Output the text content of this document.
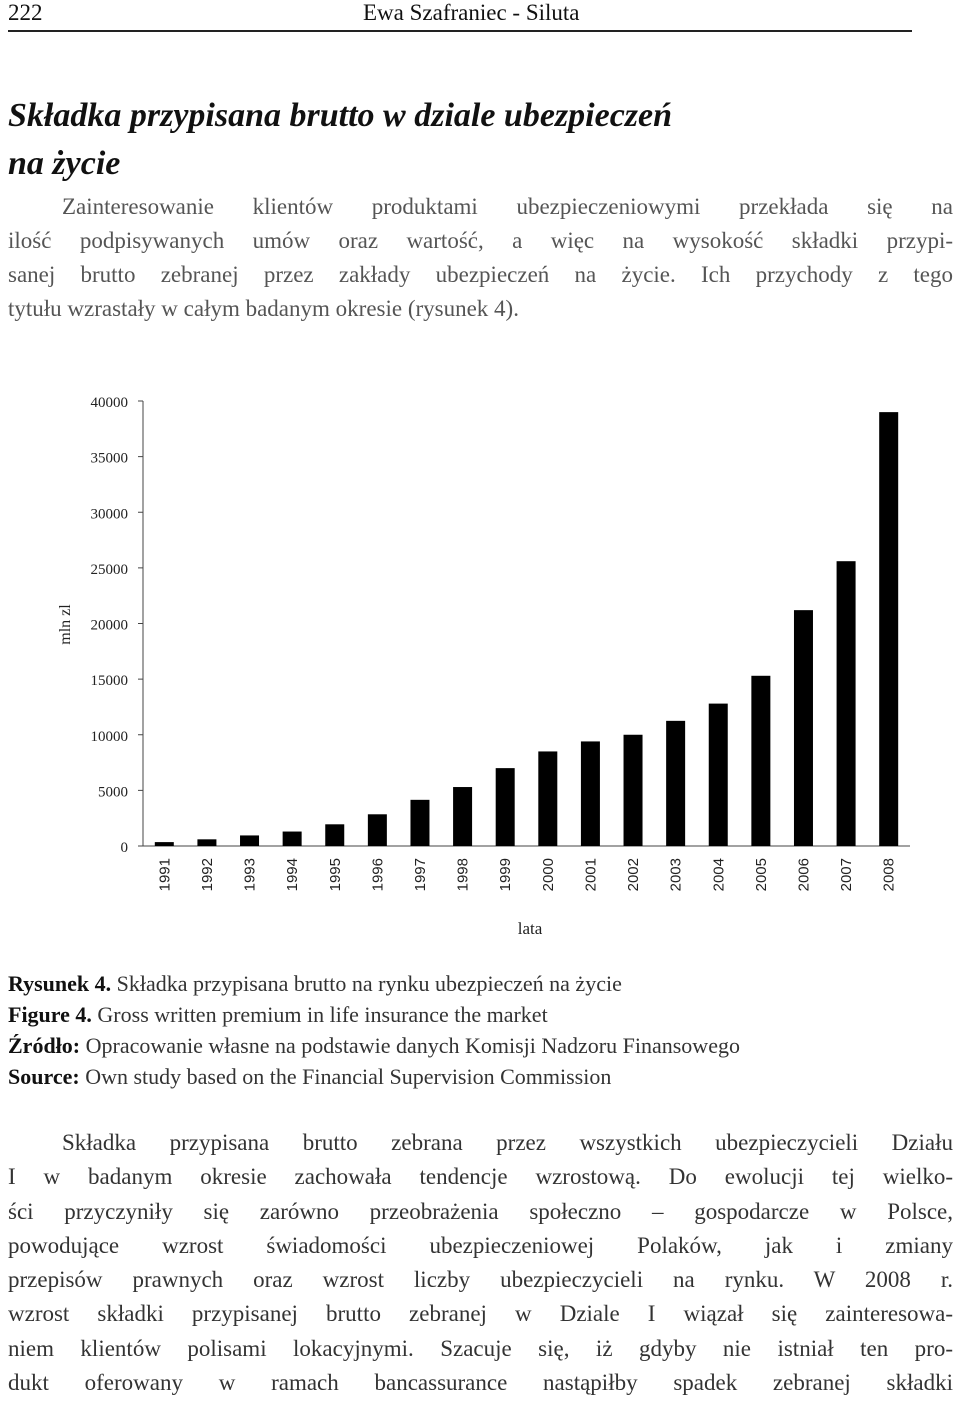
222	Ewa Szafraniec - Siluta
Składka przypisana brutto w dziale ubezpieczeń
na życie

Zainteresowanie klientów produktami ubezpieczeniowymi przekłada się na
ilość podpisywanych umów oraz wartość, a więc na wysokość składki przypi-
sanej brutto zebranej przez zakłady ubezpieczeń na życie. Ich przychody z tego
tytułu wzrastały w całym badanym okresie (rysunek 4).

0
5000
10000
15000
20000
25000
30000
35000
40000
mln zl
1991 1992 1993 1994 1995 1996 1997 1998 1999 2000 2001 2002 2003 2004 2005 2006 2007 2008
lata
Rysunek 4. Składka przypisana brutto na rynku ubezpieczeń na życie
Figure 4. Gross written premium in life insurance the market
Źródło: Opracowanie własne na podstawie danych Komisji Nadzoru Finansowego
Source: Own study based on the Financial Supervision Commission
Składka przypisana brutto zebrana przez wszystkich ubezpieczycieli Działu
I w badanym okresie zachowała tendencje wzrostową. Do ewolucji tej wielko-
ści przyczyniły się zarówno przeobrażenia społeczno – gospodarcze w Polsce,
powodujące wzrost świadomości ubezpieczeniowej Polaków, jak i zmiany
przepisów prawnych oraz wzrost liczby ubezpieczycieli na rynku. W 2008 r.
wzrost składki przypisanej brutto zebranej w Dziale I wiązał się zainteresowa-
niem klientów polisami lokacyjnymi. Szacuje się, iż gdyby nie istniał ten pro-
dukt oferowany w ramach bancassurance nastąpiłby spadek zebranej składki
